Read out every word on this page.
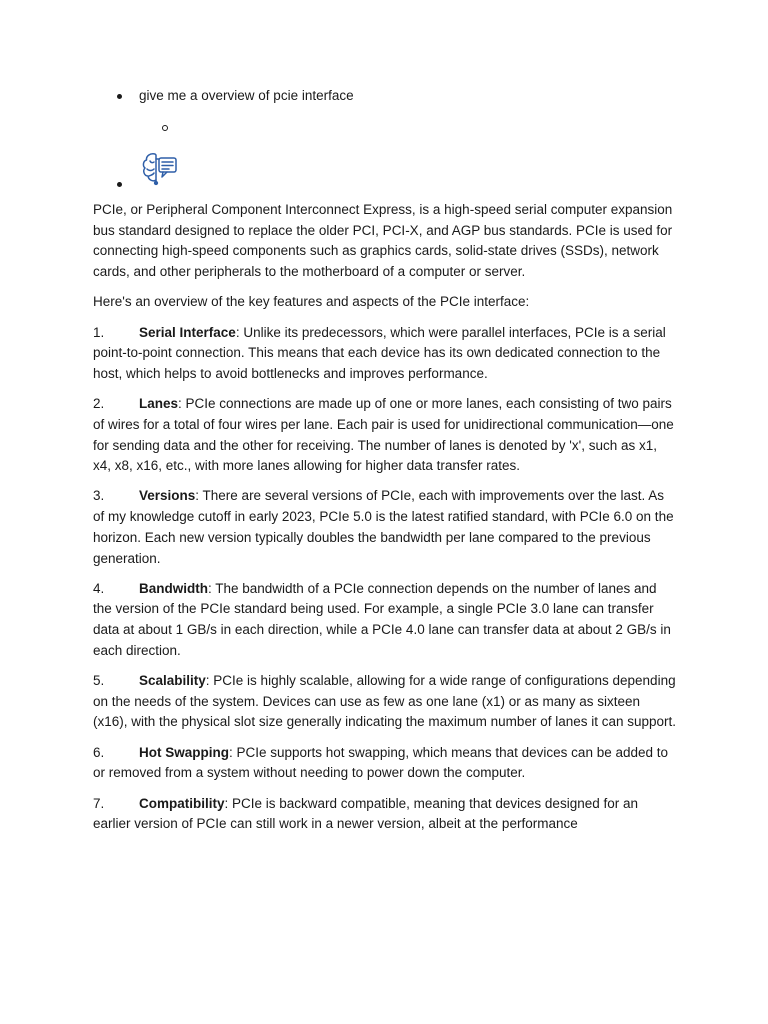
give me a overview of pcie interface

PCIe, or Peripheral Component Interconnect Express, is a high-speed serial computer expansion bus standard designed to replace the older PCI, PCI-X, and AGP bus standards. PCIe is used for connecting high-speed components such as graphics cards, solid-state drives (SSDs), network cards, and other peripherals to the motherboard of a computer or server.

Here's an overview of the key features and aspects of the PCIe interface:

1.	Serial Interface: Unlike its predecessors, which were parallel interfaces, PCIe is a serial point-to-point connection. This means that each device has its own dedicated connection to the host, which helps to avoid bottlenecks and improves performance.

2.	Lanes: PCIe connections are made up of one or more lanes, each consisting of two pairs of wires for a total of four wires per lane. Each pair is used for unidirectional communication—one for sending data and the other for receiving. The number of lanes is denoted by 'x', such as x1, x4, x8, x16, etc., with more lanes allowing for higher data transfer rates.

3.	Versions: There are several versions of PCIe, each with improvements over the last. As of my knowledge cutoff in early 2023, PCIe 5.0 is the latest ratified standard, with PCIe 6.0 on the horizon. Each new version typically doubles the bandwidth per lane compared to the previous generation.

4.	Bandwidth: The bandwidth of a PCIe connection depends on the number of lanes and the version of the PCIe standard being used. For example, a single PCIe 3.0 lane can transfer data at about 1 GB/s in each direction, while a PCIe 4.0 lane can transfer data at about 2 GB/s in each direction.

5.	Scalability: PCIe is highly scalable, allowing for a wide range of configurations depending on the needs of the system. Devices can use as few as one lane (x1) or as many as sixteen (x16), with the physical slot size generally indicating the maximum number of lanes it can support.

6.	Hot Swapping: PCIe supports hot swapping, which means that devices can be added to or removed from a system without needing to power down the computer.

7.	Compatibility: PCIe is backward compatible, meaning that devices designed for an earlier version of PCIe can still work in a newer version, albeit at the performance
